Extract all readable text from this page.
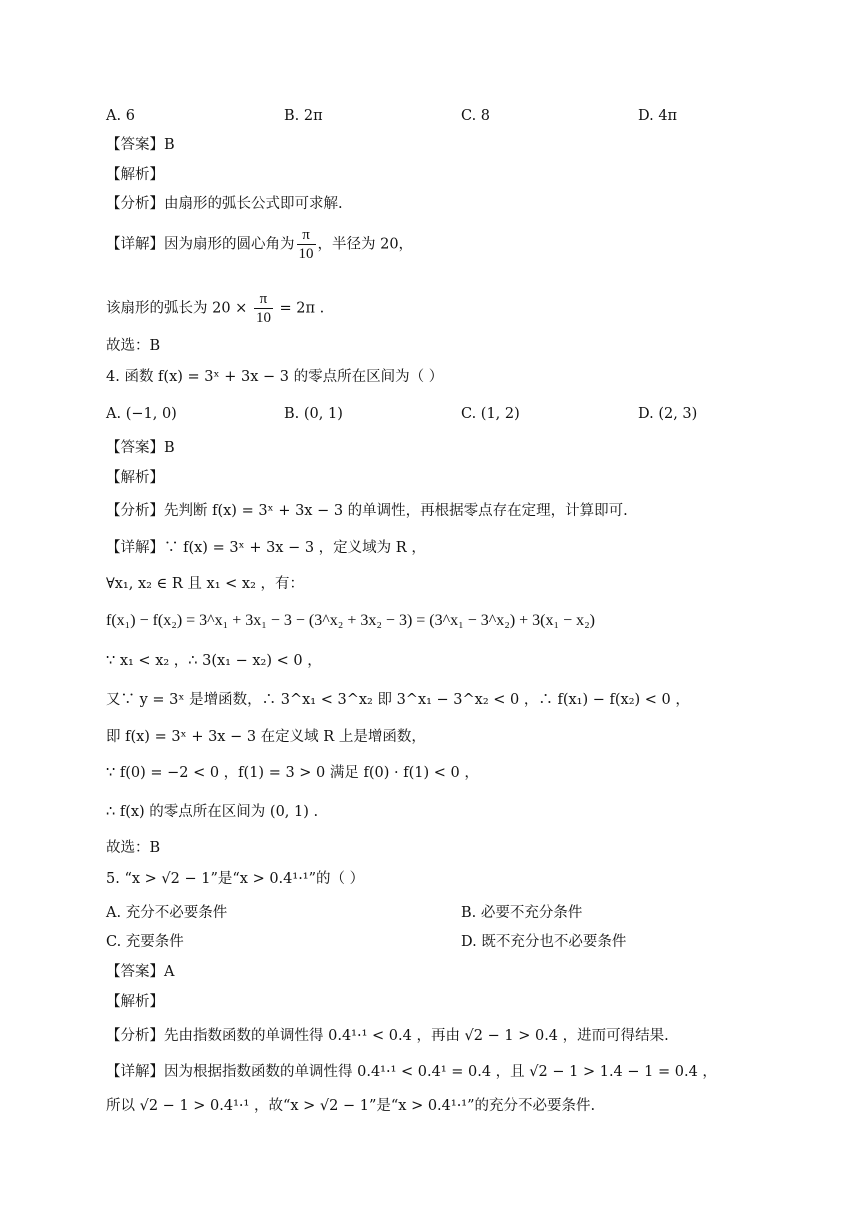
A. 6	B. 2π	C. 8	D. 4π
【答案】B
【解析】
【分析】由扇形的弧长公式即可求解.
【详解】因为扇形的圆心角为 $\frac{\pi}{10}$ ，半径为 20，
该扇形的弧长为 $20 \times \frac{\pi}{10} = 2\pi$ .
故选：B
4. 函数 f(x) = 3ˣ + 3x − 3 的零点所在区间为（ ）
A. (−1, 0)	B. (0, 1)	C. (1, 2)	D. (2, 3)
【答案】B
【解析】
【分析】先判断 f(x) = 3ˣ + 3x − 3 的单调性，再根据零点存在定理，计算即可.
【详解】∵ f(x) = 3ˣ + 3x − 3 ，定义域为 R ，
∀x₁, x₂ ∈ R 且 x₁ < x₂ ，有：
f(x₁) − f(x₂) = 3^x₁ + 3x₁ − 3 − (3^x₂ + 3x₂ − 3) = (3^x₁ − 3^x₂) + 3(x₁ − x₂)
∵ x₁ < x₂ ，∴ 3(x₁ − x₂) < 0 ，
又∵ y = 3ˣ 是增函数，∴ 3^x₁ < 3^x₂ 即 3^x₁ − 3^x₂ < 0 ，∴ f(x₁) − f(x₂) < 0 ，
即 f(x) = 3ˣ + 3x − 3 在定义域 R 上是增函数，
∵ f(0) = −2 < 0 ，f(1) = 3 > 0 满足 f(0) · f(1) < 0 ，
∴ f(x) 的零点所在区间为 (0, 1) .
故选：B
5. “x > √2 − 1”是“x > 0.4¹·¹”的（ ）
A. 充分不必要条件	B. 必要不充分条件
C. 充要条件	D. 既不充分也不必要条件
【答案】A
【解析】
【分析】先由指数函数的单调性得 0.4¹·¹ < 0.4 ，再由 √2 − 1 > 0.4 ，进而可得结果.
【详解】因为根据指数函数的单调性得 0.4¹·¹ < 0.4¹ = 0.4 ，且 √2 − 1 > 1.4 − 1 = 0.4 ，
所以 √2 − 1 > 0.4¹·¹ ，故“x > √2 − 1”是“x > 0.4¹·¹”的充分不必要条件.
